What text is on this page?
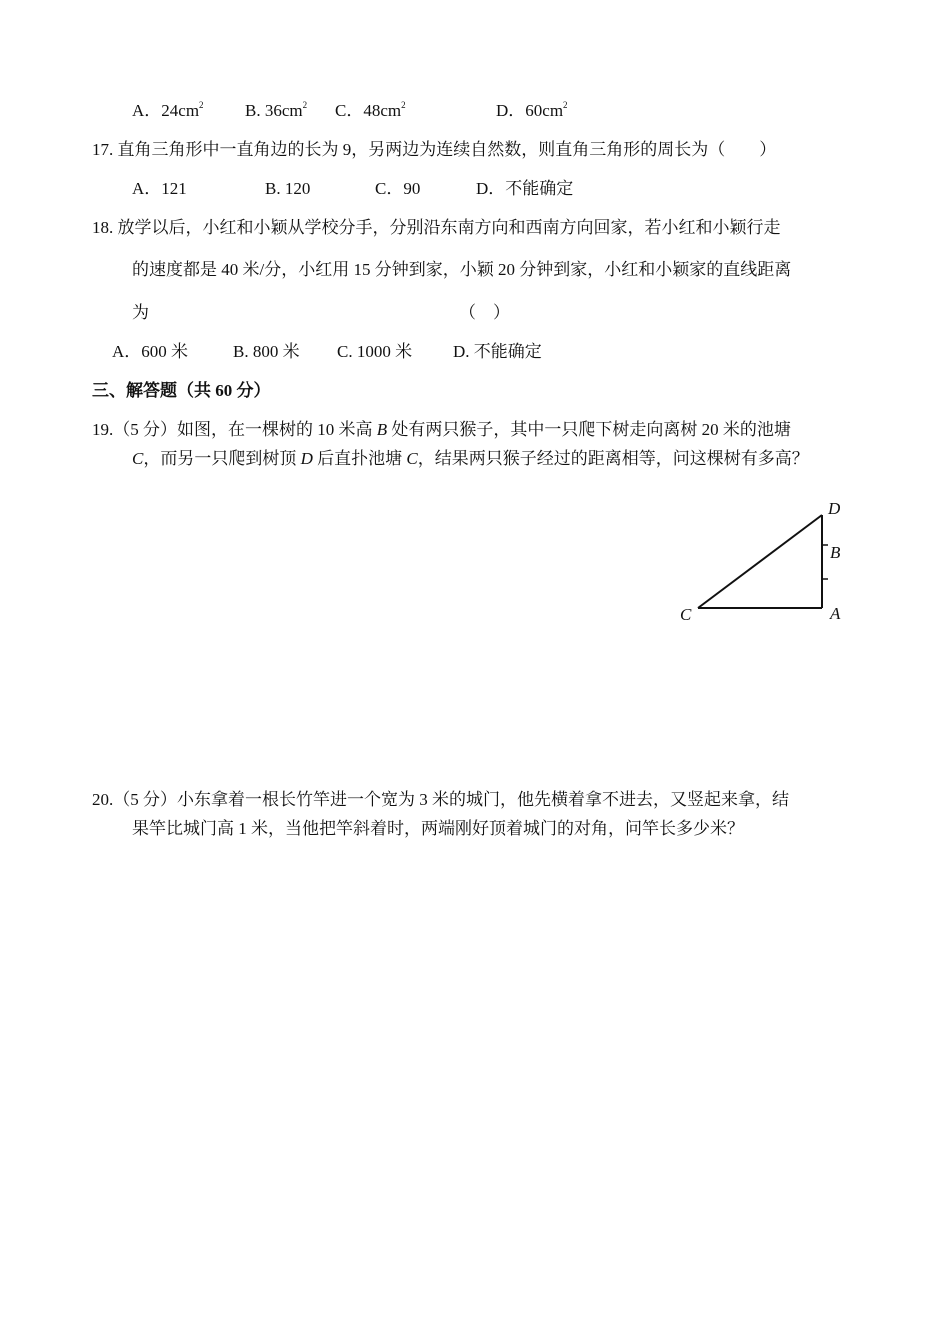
A．$24cm^2$ B. $36cm^2$ C．$48cm^2$	D．$60cm^2$
17. 直角三角形中一直角边的长为 9，另两边为连续自然数，则直角三角形的周长为（　　）
A．121	B. 120	C．90	D．不能确定
18. 放学以后，小红和小颖从学校分手，分别沿东南方向和西南方向回家，若小红和小颖行走
的速度都是 40 米/分，小红用 15 分钟到家，小颖 20 分钟到家，小红和小颖家的直线距离
为	（　）
A．600 米	B. 800 米 C. 1000 米 D. 不能确定
三、解答题（共 60 分）
19.（5 分）如图，在一棵树的 10 米高 B 处有两只猴子，其中一只爬下树走向离树 20 米的池塘
C，而另一只爬到树顶 D 后直扑池塘 C，结果两只猴子经过的距离相等，问这棵树有多高？
D
B
C	A
20.（5 分）小东拿着一根长竹竿进一个宽为 3 米的城门，他先横着拿不进去，又竖起来拿，结
果竿比城门高 1 米，当他把竿斜着时，两端刚好顶着城门的对角，问竿长多少米？
